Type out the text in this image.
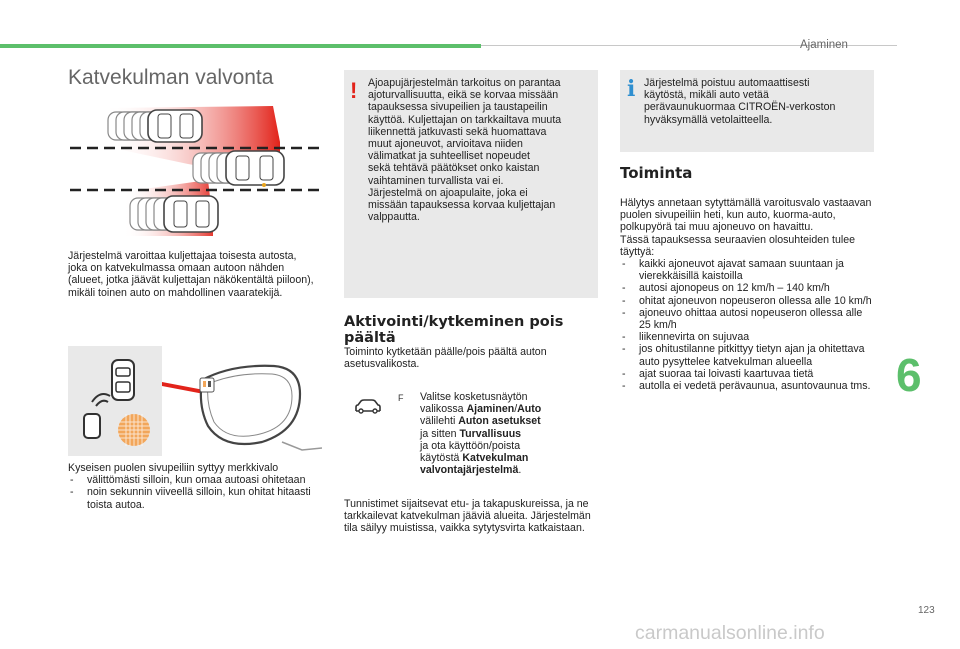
Ajaminen
Katvekulman valvonta
Järjestelmä varoittaa kuljettajaa toisesta autosta, joka on katvekulmassa omaan autoon nähden (alueet, jotka jäävät kuljettajan näkökentältä piiloon), mikäli toinen auto on mahdollinen vaaratekijä.

Kyseisen puolen sivupeiliin syttyy merkkivalo

- välittömästi silloin, kun omaa autoasi ohitetaan
- noin sekunnin viiveellä silloin, kun ohitat hitaasti toista autoa.
! Ajoapujärjestelmän tarkoitus on parantaa
ajoturvallisuutta, eikä se korvaa missään
tapauksessa sivupeilien ja taustapeilin
käyttöä. Kuljettajan on tarkkailtava muuta
liikennettä jatkuvasti sekä huomattava
muut ajoneuvot, arvioitava niiden
välimatkat ja suhteelliset nopeudet
sekä tehtävä päätökset onko kaistan
vaihtaminen turvallista vai ei.
Järjestelmä on ajoapulaite, joka ei
missään tapauksessa korvaa kuljettajan
valppautta.
Aktivointi/kytkeminen pois päältä
Toiminto kytketään päälle/pois päältä auton asetusvalikosta.
F Valitse kosketusnäytön
valikossa Ajaminen/Auto
välilehti Auton asetukset
ja sitten Turvallisuus
ja ota käyttöön/poista
käytöstä Katvekulman
valvontajärjestelmä.
Tunnistimet sijaitsevat etu- ja takapuskureissa, ja ne tarkkailevat katvekulman jääviä alueita. Järjestelmän tila säilyy muistissa, vaikka sytytysvirta katkaistaan.
i Järjestelmä poistuu automaattisesti
käytöstä, mikäli auto vetää
perävaunukuormaa CITROËN-verkoston
hyväksymällä vetolaitteella.
Toiminta

Hälytys annetaan sytyttämällä varoitusvalo vastaavan puolen sivupeiliin heti, kun auto, kuorma-auto, polkupyörä tai muu ajoneuvo on havaittu.

Tässä tapauksessa seuraavien olosuhteiden tulee täyttyä:

- kaikki ajoneuvot ajavat samaan suuntaan ja vierekkäisillä kaistoilla
- autosi ajonopeus on 12 km/h – 140 km/h
- ohitat ajoneuvon nopeuseron ollessa alle 10 km/h
- ajoneuvo ohittaa autosi nopeuseron ollessa alle 25 km/h
- liikennevirta on sujuvaa
- jos ohitustilanne pitkittyy tietyn ajan ja ohitettava auto pysyttelee katvekulman alueella
- ajat suoraa tai loivasti kaartuvaa tietä
- autolla ei vedetä perävaunua, asuntovaunua tms. 6
123
carmanualsonline.info
